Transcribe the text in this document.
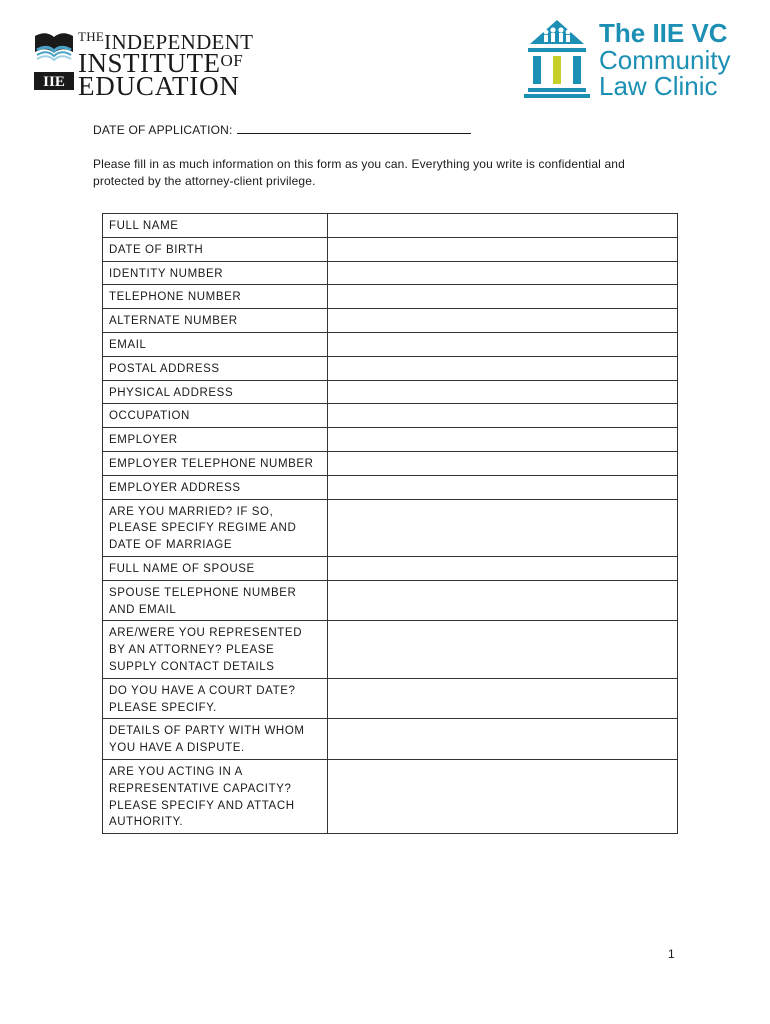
IIE
$^{THE}$INDEPENDENT
$INSTITUTE^{OF}$
EDUCATION
The IIE VC
Community
Law Clinic
DATE OF APPLICATION:
Please fill in as much information on this form as you can. Everything you write is confidential and protected by the attorney-client privilege.
FULL NAME	
DATE OF BIRTH	
IDENTITY NUMBER	
TELEPHONE NUMBER	
ALTERNATE NUMBER	
EMAIL	
POSTAL ADDRESS	
PHYSICAL ADDRESS	
OCCUPATION	
EMPLOYER	
EMPLOYER TELEPHONE NUMBER	
EMPLOYER ADDRESS	
ARE YOU MARRIED? IF SO, PLEASE SPECIFY REGIME AND DATE OF MARRIAGE	
FULL NAME OF SPOUSE	
SPOUSE TELEPHONE NUMBER AND EMAIL	
ARE/WERE YOU REPRESENTED BY AN ATTORNEY? PLEASE SUPPLY CONTACT DETAILS	
DO YOU HAVE A COURT DATE? PLEASE SPECIFY.	
DETAILS OF PARTY WITH WHOM YOU HAVE A DISPUTE.	
ARE YOU ACTING IN A REPRESENTATIVE CAPACITY? PLEASE SPECIFY AND ATTACH AUTHORITY.	
1
